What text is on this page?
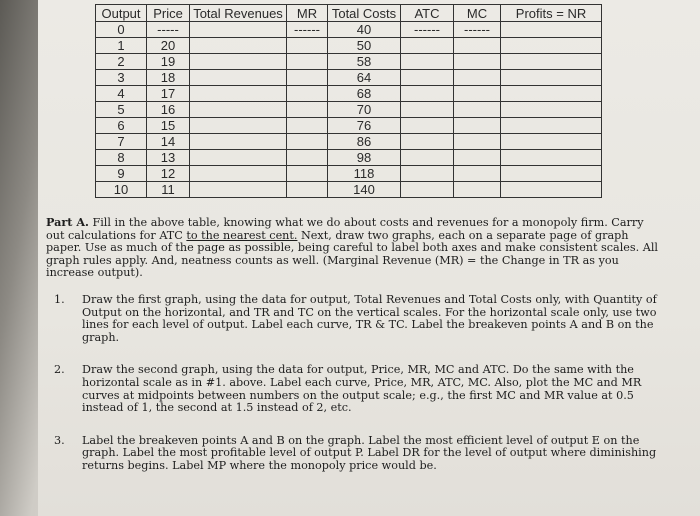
Output	Price	Total Revenues	MR	Total Costs	ATC	MC	Profits = NR
0	-----		------	40	------	------	
1	20			50			
2	19			58			
3	18			64			
4	17			68			
5	16			70			
6	15			76			
7	14			86			
8	13			98			
9	12			118			
10	11			140			

Part A. Fill in the above table, knowing what we do about costs and revenues for a monopoly firm. Carry out calculations for ATC to the nearest cent. Next, draw two graphs, each on a separate page of graph paper. Use as much of the page as possible, being careful to label both axes and make consistent scales. All graph rules apply. And, neatness counts as well. (Marginal Revenue (MR) = the Change in TR as you increase output).

1. Draw the first graph, using the data for output, Total Revenues and Total Costs only, with Quantity of Output on the horizontal, and TR and TC on the vertical scales. For the horizontal scale only, use two lines for each level of output. Label each curve, TR & TC. Label the breakeven points A and B on the graph.
2. Draw the second graph, using the data for output, Price, MR, MC and ATC. Do the same with the horizontal scale as in #1. above. Label each curve, Price, MR, ATC, MC. Also, plot the MC and MR curves at midpoints between numbers on the output scale; e.g., the first MC and MR value at 0.5 instead of 1, the second at 1.5 instead of 2, etc.
3. Label the breakeven points A and B on the graph. Label the most efficient level of output E on the graph. Label the most profitable level of output P. Label DR for the level of output where diminishing returns begins. Label MP where the monopoly price would be.
